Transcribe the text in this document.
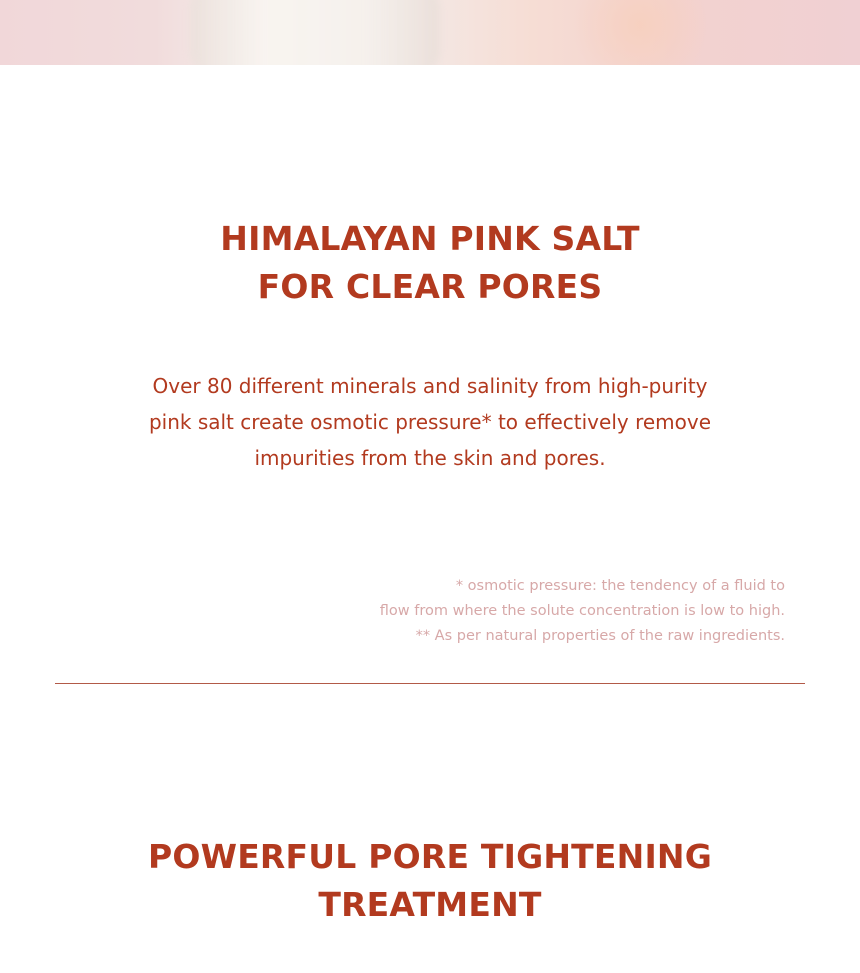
HIMALAYAN PINK SALT
FOR CLEAR PORES

Over 80 different minerals and salinity from high-purity
pink salt create osmotic pressure* to effectively remove
impurities from the skin and pores.

* osmotic pressure: the tendency of a fluid to
flow from where the solute concentration is low to high.
** As per natural properties of the raw ingredients.
POWERFUL PORE TIGHTENING
TREATMENT
